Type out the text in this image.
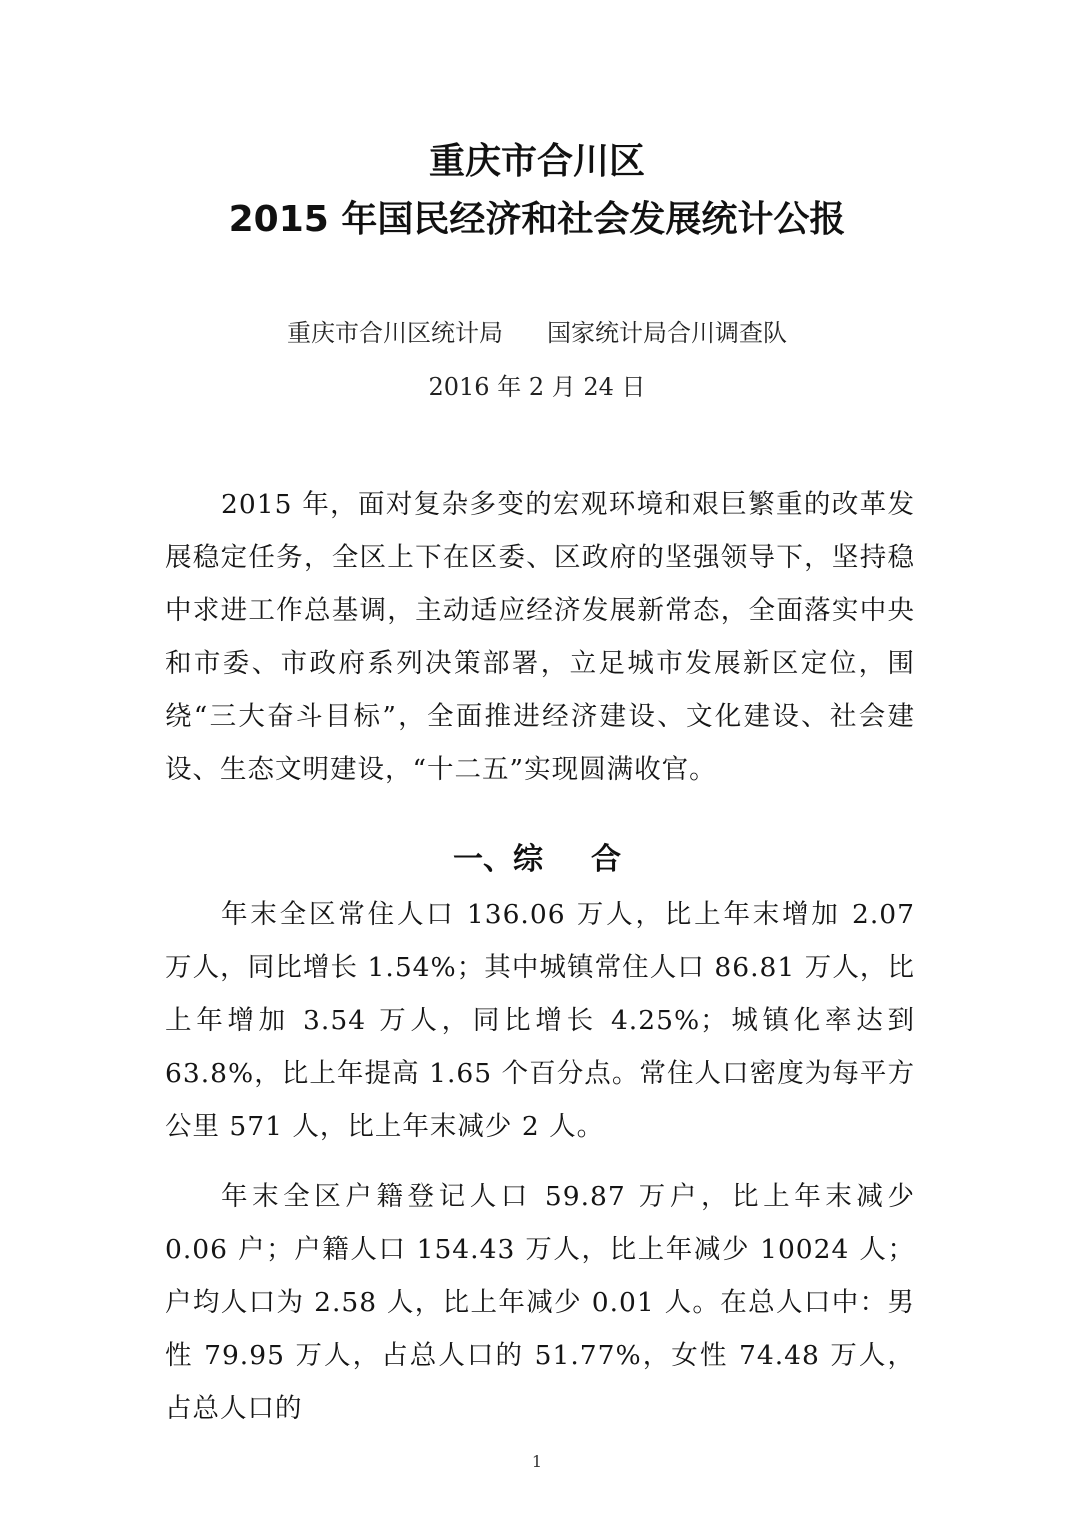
重庆市合川区
2015 年国民经济和社会发展统计公报
重庆市合川区统计局 国家统计局合川调查队
2016 年 2 月 24 日

2015 年，面对复杂多变的宏观环境和艰巨繁重的改革发展稳定任务，全区上下在区委、区政府的坚强领导下，坚持稳中求进工作总基调，主动适应经济发展新常态，全面落实中央和市委、市政府系列决策部署，立足城市发展新区定位，围绕“三大奋斗目标”，全面推进经济建设、文化建设、社会建设、生态文明建设，“十二五”实现圆满收官。

一、综 合

年末全区常住人口 136.06 万人，比上年末增加 2.07 万人，同比增长 1.54%；其中城镇常住人口 86.81 万人，比上年增加 3.54 万人，同比增长 4.25%；城镇化率达到 63.8%，比上年提高 1.65 个百分点。常住人口密度为每平方公里 571 人，比上年末减少 2 人。

年末全区户籍登记人口 59.87 万户，比上年末减少 0.06 户；户籍人口 154.43 万人，比上年减少 10024 人；户均人口为 2.58 人，比上年减少 0.01 人。在总人口中：男性 79.95 万人，占总人口的 51.77%，女性 74.48 万人，占总人口的

1
